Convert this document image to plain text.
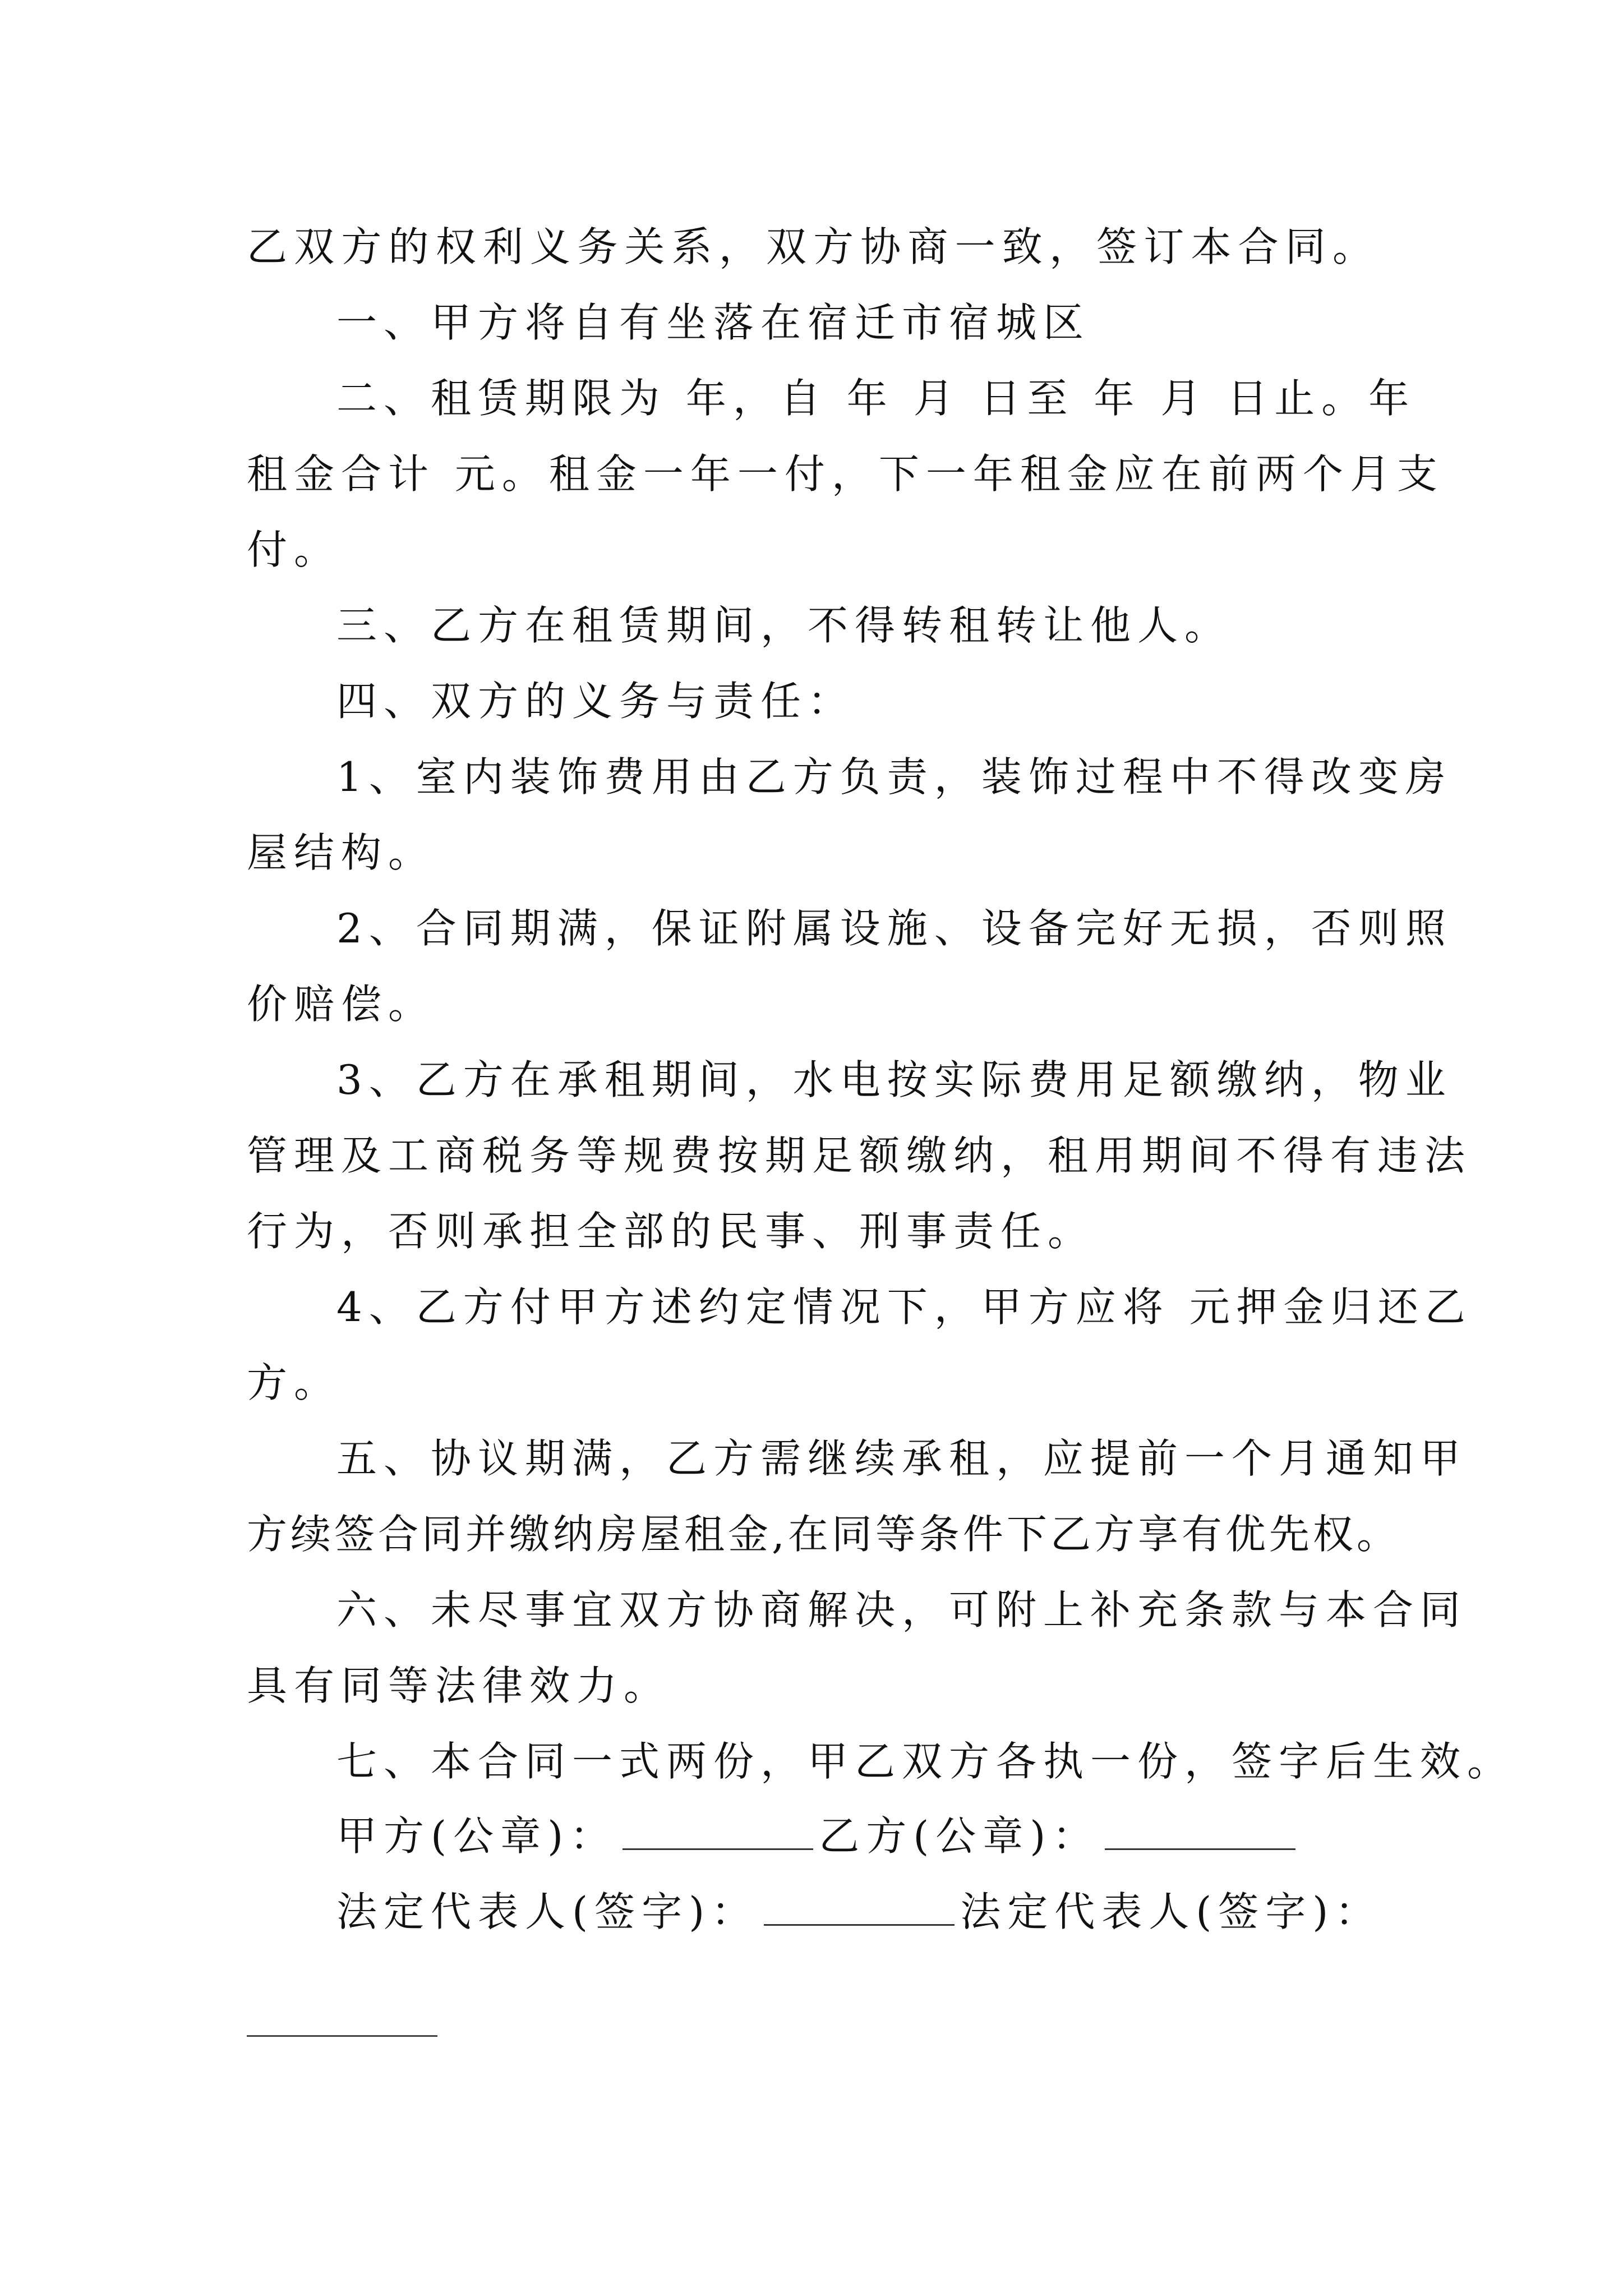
乙双方的权利义务关系，双方协商一致，签订本合同。
一、甲方将自有坐落在宿迁市宿城区
二、租赁期限为 年，自 年 月 日至 年 月 日止。年
租金合计 元。租金一年一付，下一年租金应在前两个月支
付。
三、乙方在租赁期间，不得转租转让他人。
四、双方的义务与责任：
1、室内装饰费用由乙方负责，装饰过程中不得改变房
屋结构。
2、合同期满，保证附属设施、设备完好无损，否则照
价赔偿。
3、乙方在承租期间，水电按实际费用足额缴纳，物业
管理及工商税务等规费按期足额缴纳，租用期间不得有违法
行为，否则承担全部的民事、刑事责任。
4、乙方付甲方述约定情况下，甲方应将 元押金归还乙
方。
五、协议期满，乙方需继续承租，应提前一个月通知甲
方续签合同并缴纳房屋租金,在同等条件下乙方享有优先权。
六、未尽事宜双方协商解决，可附上补充条款与本合同
具有同等法律效力。
七、本合同一式两份，甲乙双方各执一份，签字后生效。
甲方(公章)：	乙方(公章)：
法定代表人(签字)：	法定代表人(签字)：
